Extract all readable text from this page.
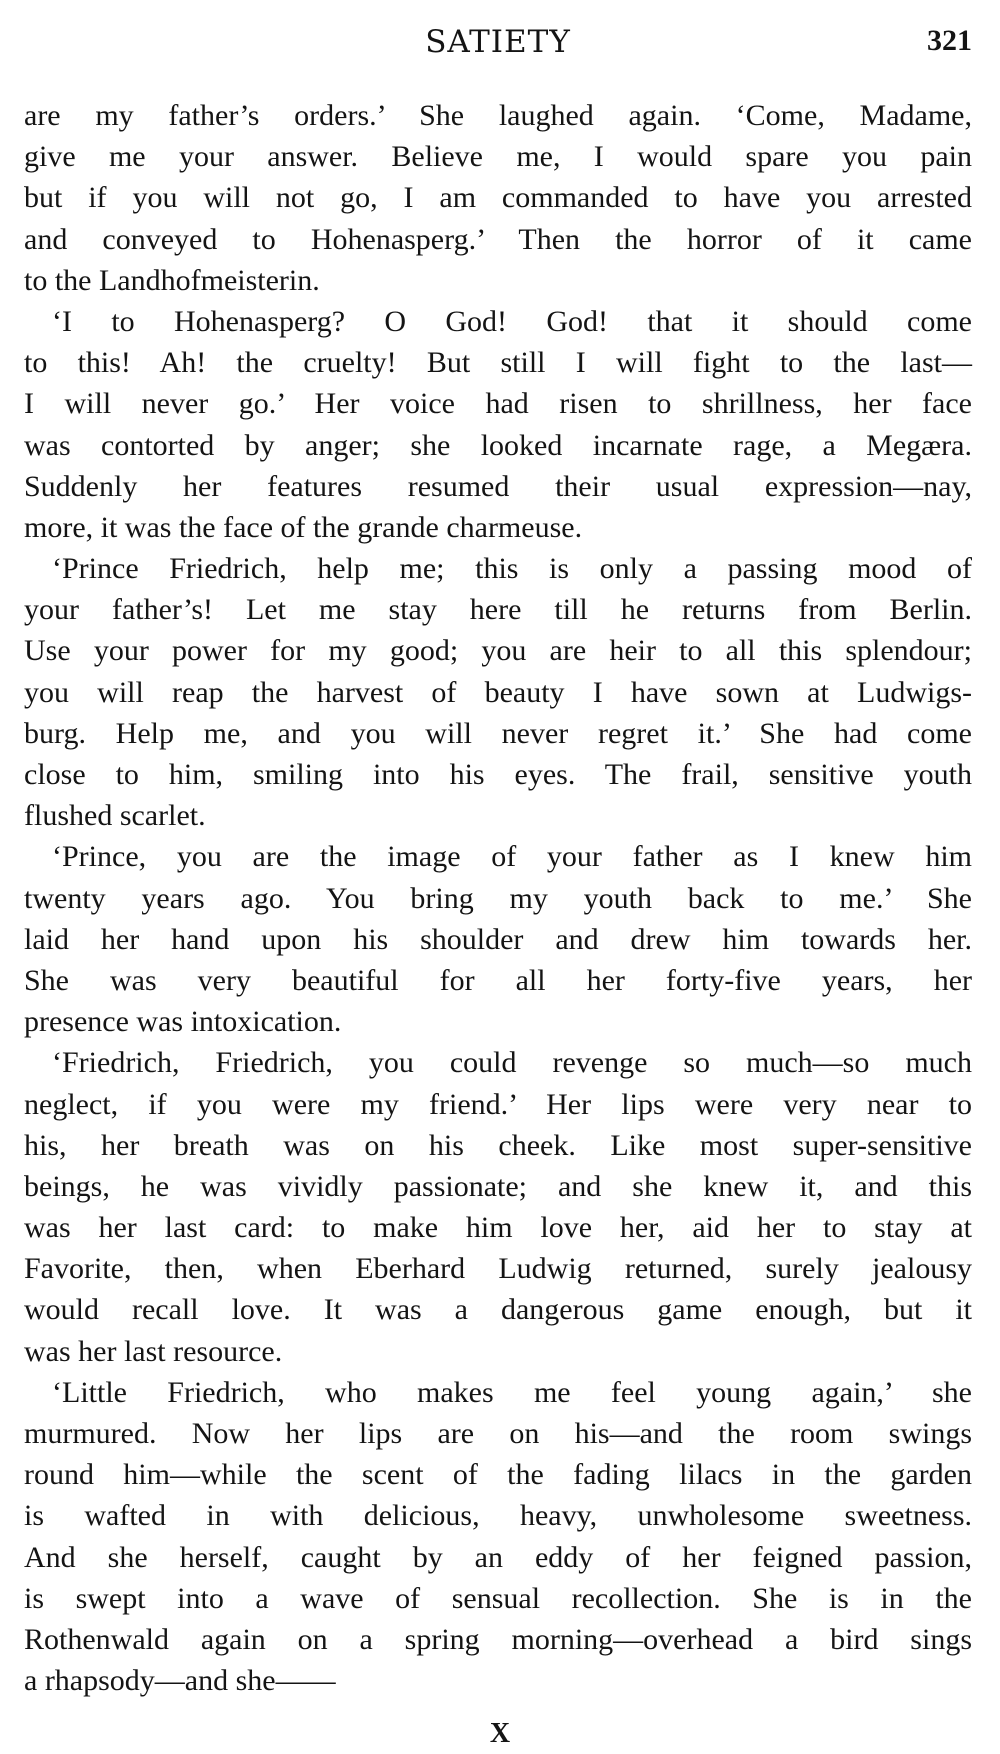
SATIETY	321
are my father’s orders.’ She laughed again. ‘Come, Madame,
give me your answer. Believe me, I would spare you pain
but if you will not go, I am commanded to have you arrested
and conveyed to Hohenasperg.’ Then the horror of it came
to the Landhofmeisterin.
‘I to Hohenasperg? O God! God! that it should come
to this! Ah! the cruelty! But still I will fight to the last—
I will never go.’ Her voice had risen to shrillness, her face
was contorted by anger; she looked incarnate rage, a Megæra.
Suddenly her features resumed their usual expression—nay,
more, it was the face of the grande charmeuse.
‘Prince Friedrich, help me; this is only a passing mood of
your father’s! Let me stay here till he returns from Berlin.
Use your power for my good; you are heir to all this splendour;
you will reap the harvest of beauty I have sown at Ludwigs-
burg. Help me, and you will never regret it.’ She had come
close to him, smiling into his eyes. The frail, sensitive youth
flushed scarlet.
‘Prince, you are the image of your father as I knew him
twenty years ago. You bring my youth back to me.’ She
laid her hand upon his shoulder and drew him towards her.
She was very beautiful for all her forty-five years, her
presence was intoxication.
‘Friedrich, Friedrich, you could revenge so much—so much
neglect, if you were my friend.’ Her lips were very near to
his, her breath was on his cheek. Like most super-sensitive
beings, he was vividly passionate; and she knew it, and this
was her last card: to make him love her, aid her to stay at
Favorite, then, when Eberhard Ludwig returned, surely jealousy
would recall love. It was a dangerous game enough, but it
was her last resource.
‘Little Friedrich, who makes me feel young again,’ she
murmured. Now her lips are on his—and the room swings
round him—while the scent of the fading lilacs in the garden
is wafted in with delicious, heavy, unwholesome sweetness.
And she herself, caught by an eddy of her feigned passion,
is swept into a wave of sensual recollection. She is in the
Rothenwald again on a spring morning—overhead a bird sings
a rhapsody—and she——
X
